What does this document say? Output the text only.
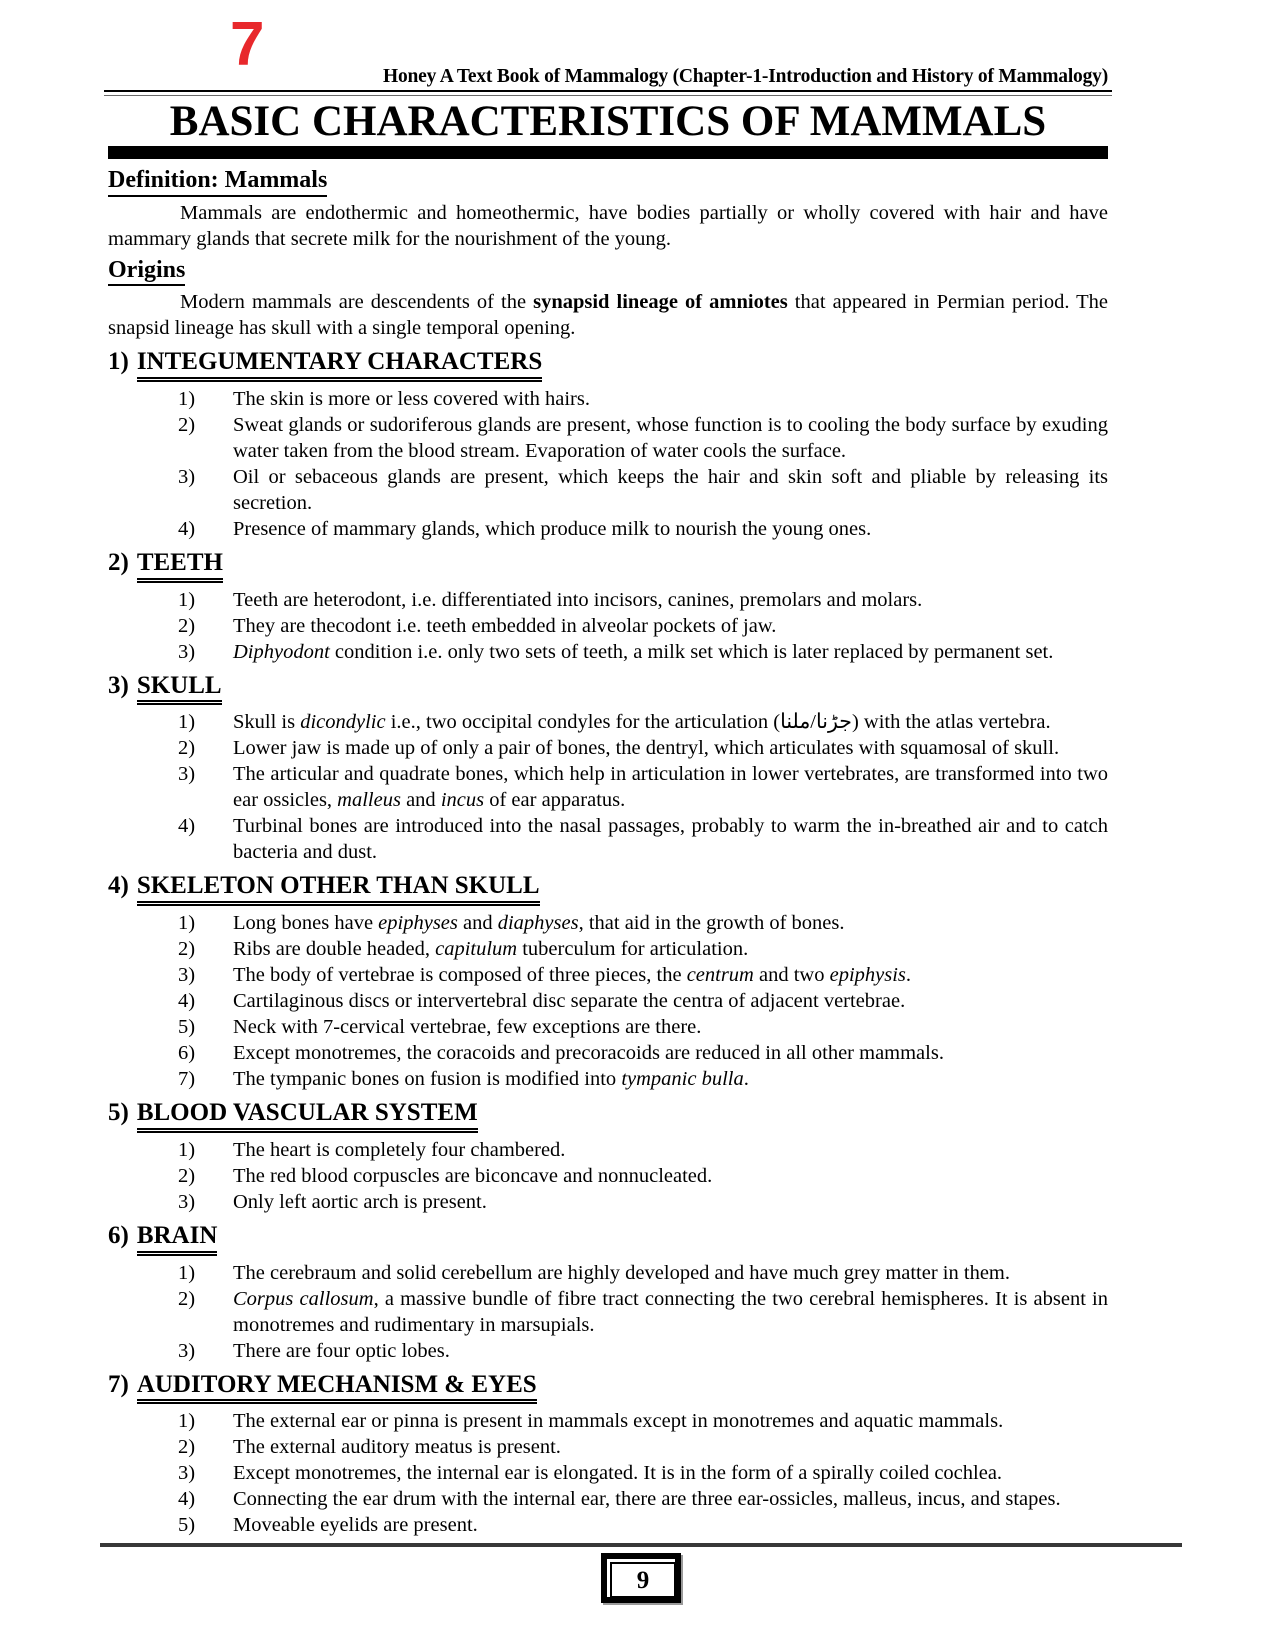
7	Honey A Text Book of Mammalogy (Chapter-1-Introduction and History of Mammalogy)
BASIC CHARACTERISTICS OF MAMMALS
Definition: Mammals
Mammals are endothermic and homeothermic, have bodies partially or wholly covered with hair and have mammary glands that secrete milk for the nourishment of the young.
Origins
Modern mammals are descendents of the synapsid lineage of amniotes that appeared in Permian period. The snapsid lineage has skull with a single temporal opening.
1) INTEGUMENTARY CHARACTERS
1)	The skin is more or less covered with hairs.
2)	Sweat glands or sudoriferous glands are present, whose function is to cooling the body surface by exuding water taken from the blood stream. Evaporation of water cools the surface.
3)	Oil or sebaceous glands are present, which keeps the hair and skin soft and pliable by releasing its secretion.
4)	Presence of mammary glands, which produce milk to nourish the young ones.
2) TEETH
1)	Teeth are heterodont, i.e. differentiated into incisors, canines, premolars and molars.
2)	They are thecodont i.e. teeth embedded in alveolar pockets of jaw.
3)	Diphyodont condition i.e. only two sets of teeth, a milk set which is later replaced by permanent set.
3) SKULL
1)	Skull is dicondylic i.e., two occipital condyles for the articulation (جڑنا/ملنا) with the atlas vertebra.
2)	Lower jaw is made up of only a pair of bones, the dentryl, which articulates with squamosal of skull.
3)	The articular and quadrate bones, which help in articulation in lower vertebrates, are transformed into two ear ossicles, malleus and incus of ear apparatus.
4)	Turbinal bones are introduced into the nasal passages, probably to warm the in-breathed air and to catch bacteria and dust.
4) SKELETON OTHER THAN SKULL
1)	Long bones have epiphyses and diaphyses, that aid in the growth of bones.
2)	Ribs are double headed, capitulum tuberculum for articulation.
3)	The body of vertebrae is composed of three pieces, the centrum and two epiphysis.
4)	Cartilaginous discs or intervertebral disc separate the centra of adjacent vertebrae.
5)	Neck with 7-cervical vertebrae, few exceptions are there.
6)	Except monotremes, the coracoids and precoracoids are reduced in all other mammals.
7)	The tympanic bones on fusion is modified into tympanic bulla.
5) BLOOD VASCULAR SYSTEM
1)	The heart is completely four chambered.
2)	The red blood corpuscles are biconcave and nonnucleated.
3)	Only left aortic arch is present.
6) BRAIN
1)	The cerebraum and solid cerebellum are highly developed and have much grey matter in them.
2)	Corpus callosum, a massive bundle of fibre tract connecting the two cerebral hemispheres. It is absent in monotremes and rudimentary in marsupials.
3)	There are four optic lobes.
7) AUDITORY MECHANISM & EYES
1)	The external ear or pinna is present in mammals except in monotremes and aquatic mammals.
2)	The external auditory meatus is present.
3)	Except monotremes, the internal ear is elongated. It is in the form of a spirally coiled cochlea.
4)	Connecting the ear drum with the internal ear, there are three ear-ossicles, malleus, incus, and stapes.
5)	Moveable eyelids are present.
9
